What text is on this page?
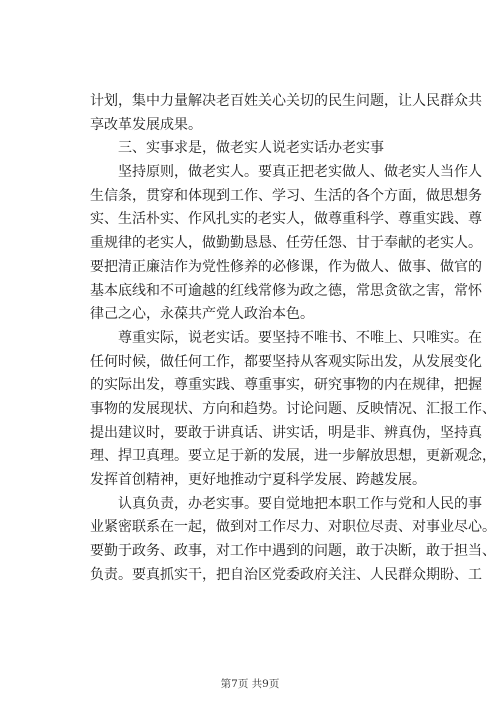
计划，集中力量解决老百姓关心关切的民生问题，让人民群众共
享改革发展成果。
三、实事求是，做老实人说老实话办老实事
坚持原则，做老实人。要真正把老实做人、做老实人当作人
生信条，贯穿和体现到工作、学习、生活的各个方面，做思想务
实、生活朴实、作风扎实的老实人，做尊重科学、尊重实践、尊
重规律的老实人，做勤勤恳恳、任劳任怨、甘于奉献的老实人。
要把清正廉洁作为党性修养的必修课，作为做人、做事、做官的
基本底线和不可逾越的红线常修为政之德，常思贪欲之害，常怀
律己之心，永葆共产党人政治本色。
尊重实际，说老实话。要坚持不唯书、不唯上、只唯实。在
任何时候，做任何工作，都要坚持从客观实际出发，从发展变化
的实际出发，尊重实践、尊重事实，研究事物的内在规律，把握
事物的发展现状、方向和趋势。讨论问题、反映情况、汇报工作、
提出建议时，要敢于讲真话、讲实话，明是非、辨真伪，坚持真
理、捍卫真理。要立足于新的发展，进一步解放思想，更新观念，
发挥首创精神，更好地推动宁夏科学发展、跨越发展。
认真负责，办老实事。要自觉地把本职工作与党和人民的事
业紧密联系在一起，做到对工作尽力、对职位尽责、对事业尽心。
要勤于政务、政事，对工作中遇到的问题，敢于决断，敢于担当、
负责。要真抓实干，把自治区党委政府关注、人民群众期盼、工
第7页 共9页
